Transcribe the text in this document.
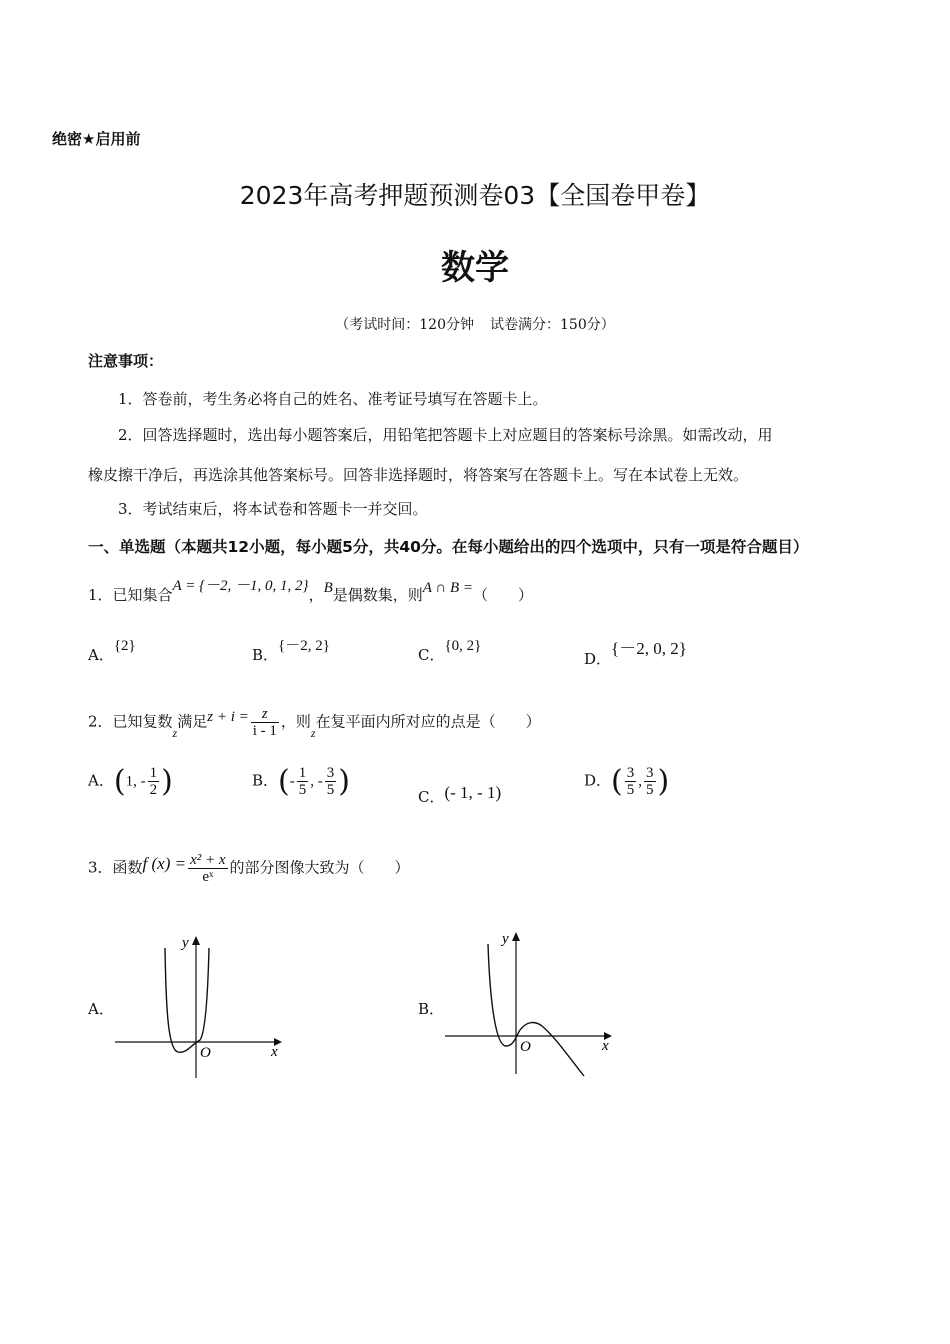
绝密★启用前
2023年高考押题预测卷03【全国卷甲卷】
数学
（考试时间：120分钟 试卷满分：150分）
注意事项：
1．答卷前，考生务必将自己的姓名、准考证号填写在答题卡上。
2．回答选择题时，选出每小题答案后，用铅笔把答题卡上对应题目的答案标号涂黑。如需改动，用
橡皮擦干净后，再选涂其他答案标号。回答非选择题时，将答案写在答题卡上。写在本试卷上无效。
3．考试结束后，将本试卷和答题卡一并交回。
一、单选题（本题共12小题，每小题5分，共40分。在每小题给出的四个选项中，只有一项是符合题目）
1．已知集合A = {－2, －1, 0, 1, 2}，B是偶数集，则A ∩ B =（　　）
A．{2}	B．{－2, 2}	C．{0, 2}
D．{－2, 0, 2}
2．已知复数$_z$满足$z + i = \frac{z}{i - 1}$ ，则$_z$在复平面内所对应的点是（　　）
A．(1, - $\frac{1}{2}$ )	B．(- $\frac{1}{5}$ , - $\frac{3}{5}$ )	C．(- 1, - 1)
D．( $\frac{3}{5}$ , $\frac{3}{5}$ )
3．函数f $(x) = \frac{\text{x² + x}}{\text{eˣ}}$ 的部分图像大致为（　　）
A．
y
x
O
B．
y
x
O
